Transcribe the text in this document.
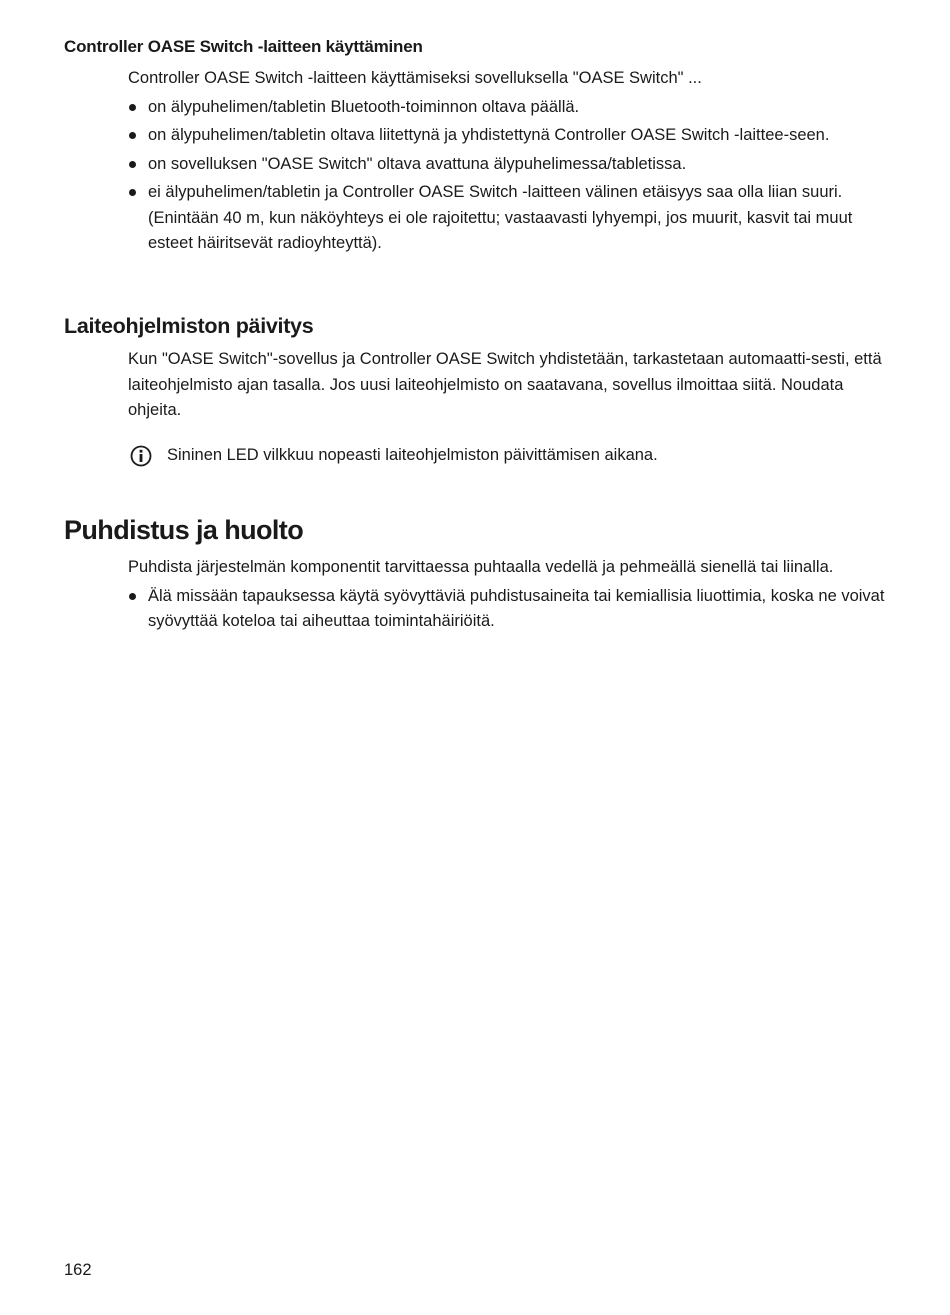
Controller OASE Switch -laitteen käyttäminen

Controller OASE Switch -laitteen käyttämiseksi sovelluksella "OASE Switch" ...

on älypuhelimen/tabletin Bluetooth-toiminnon oltava päällä.
on älypuhelimen/tabletin oltava liitettynä ja yhdistettynä Controller OASE Switch -laittee-seen.
on sovelluksen "OASE Switch" oltava avattuna älypuhelimessa/tabletissa.
ei älypuhelimen/tabletin ja Controller OASE Switch -laitteen välinen etäisyys saa olla liian suuri. (Enintään 40 m, kun näköyhteys ei ole rajoitettu; vastaavasti lyhyempi, jos muurit, kasvit tai muut esteet häiritsevät radioyhteyttä).
Laiteohjelmiston päivitys

Kun "OASE Switch"-sovellus ja Controller OASE Switch yhdistetään, tarkastetaan automaatti-sesti, että laiteohjelmisto ajan tasalla. Jos uusi laiteohjelmisto on saatavana, sovellus ilmoittaa siitä. Noudata ohjeita.

Sininen LED vilkkuu nopeasti laiteohjelmiston päivittämisen aikana.
Puhdistus ja huolto

Puhdista järjestelmän komponentit tarvittaessa puhtaalla vedellä ja pehmeällä sienellä tai liinalla.

Älä missään tapauksessa käytä syövyttäviä puhdistusaineita tai kemiallisia liuottimia, koska ne voivat syövyttää koteloa tai aiheuttaa toimintahäiriöitä.
162
